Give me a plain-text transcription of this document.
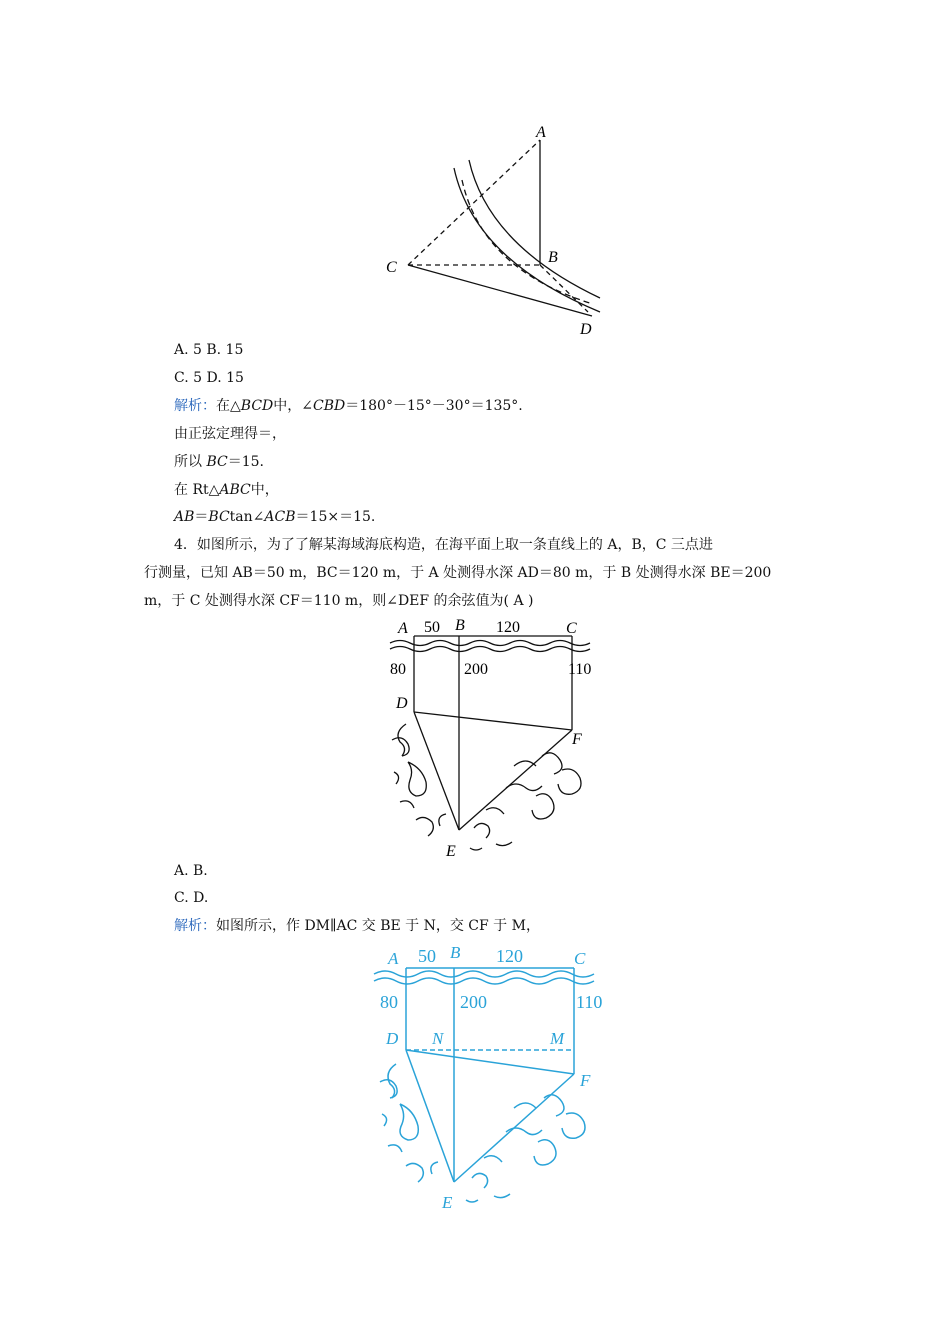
A
B
C
D
A. 5 B. 15
C. 5 D. 15
解析：在△BCD中，∠CBD＝180°－15°－30°＝135°.
由正弦定理得＝，
所以 BC＝15.
在 Rt△ABC中，
AB＝BCtan∠ACB＝15×＝15.
4．如图所示，为了了解某海域海底构造，在海平面上取一条直线上的 A，B，C 三点进
行测量，已知 AB＝50 m，BC＝120 m，于 A 处测得水深 AD＝80 m，于 B 处测得水深 BE＝200
m，于 C 处测得水深 CF＝110 m，则∠DEF 的余弦值为( A )
A	B	C
D
E
F
50	120
80	200	110
A. B.
C. D.
解析：如图所示，作 DM∥AC 交 BE 于 N，交 CF 于 M，
A	B	C
D N	M
E
F
50	120
80	200	110
